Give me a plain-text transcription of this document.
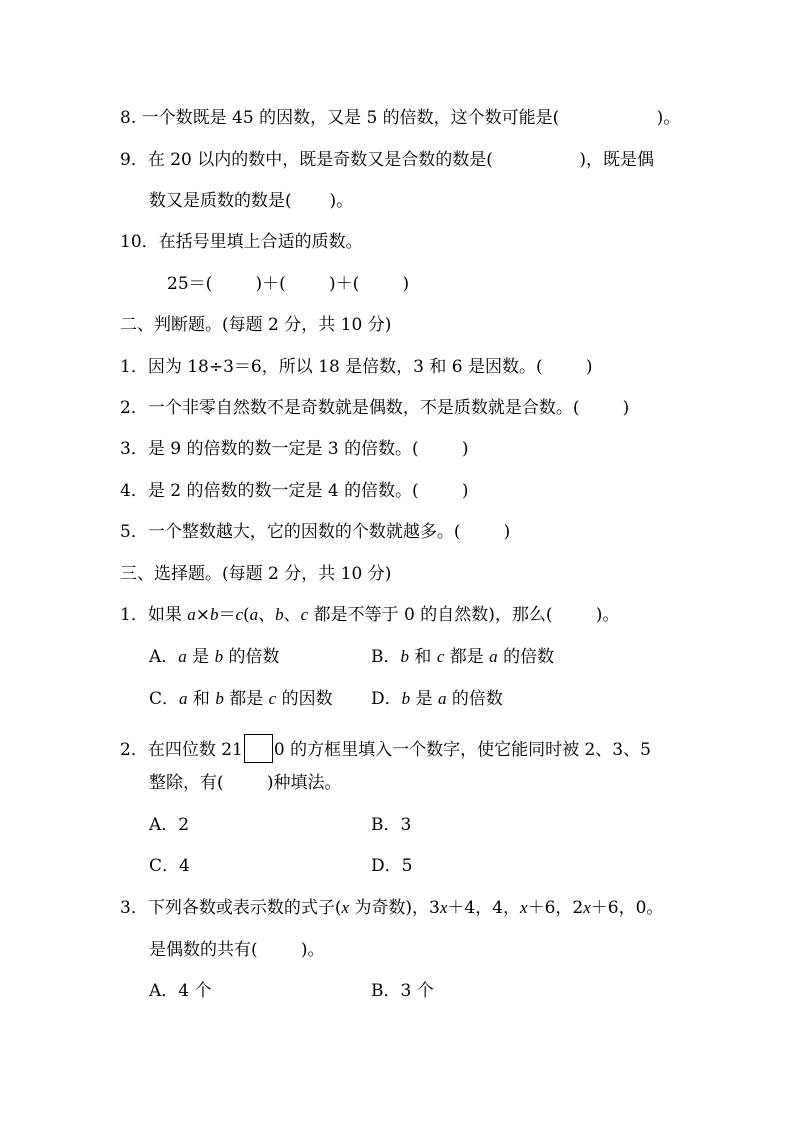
8. 一个数既是 45 的因数，又是 5 的倍数，这个数可能是(                  )。
9．在 20 以内的数中，既是奇数又是合数的数是(                )，既是偶
数又是质数的数是(       )。
10．在括号里填上合适的质数。
25＝(        )＋(        )＋(        )
二、判断题。(每题 2 分，共 10 分)
1．因为 18÷3＝6，所以 18 是倍数，3 和 6 是因数。(        )
2．一个非零自然数不是奇数就是偶数，不是质数就是合数。(        )
3．是 9 的倍数的数一定是 3 的倍数。(        )
4．是 2 的倍数的数一定是 4 的倍数。(        )
5．一个整数越大，它的因数的个数就越多。(        )
三、选择题。(每题 2 分，共 10 分)
1．如果 a×b＝c(a、b、c 都是不等于 0 的自然数)，那么(        )。
A．a 是 b 的倍数	B．b 和 c 都是 a 的倍数
C．a 和 b 都是 c 的因数 D．b 是 a 的倍数
2．在四位数 21 0 的方框里填入一个数字，使它能同时被 2、3、5
整除，有(        )种填法。
A．2	B．3
C．4	D．5
3．下列各数或表示数的式子(x 为奇数)，3x＋4，4，x＋6，2x＋6，0。
是偶数的共有(        )。
A．4 个	B．3 个
